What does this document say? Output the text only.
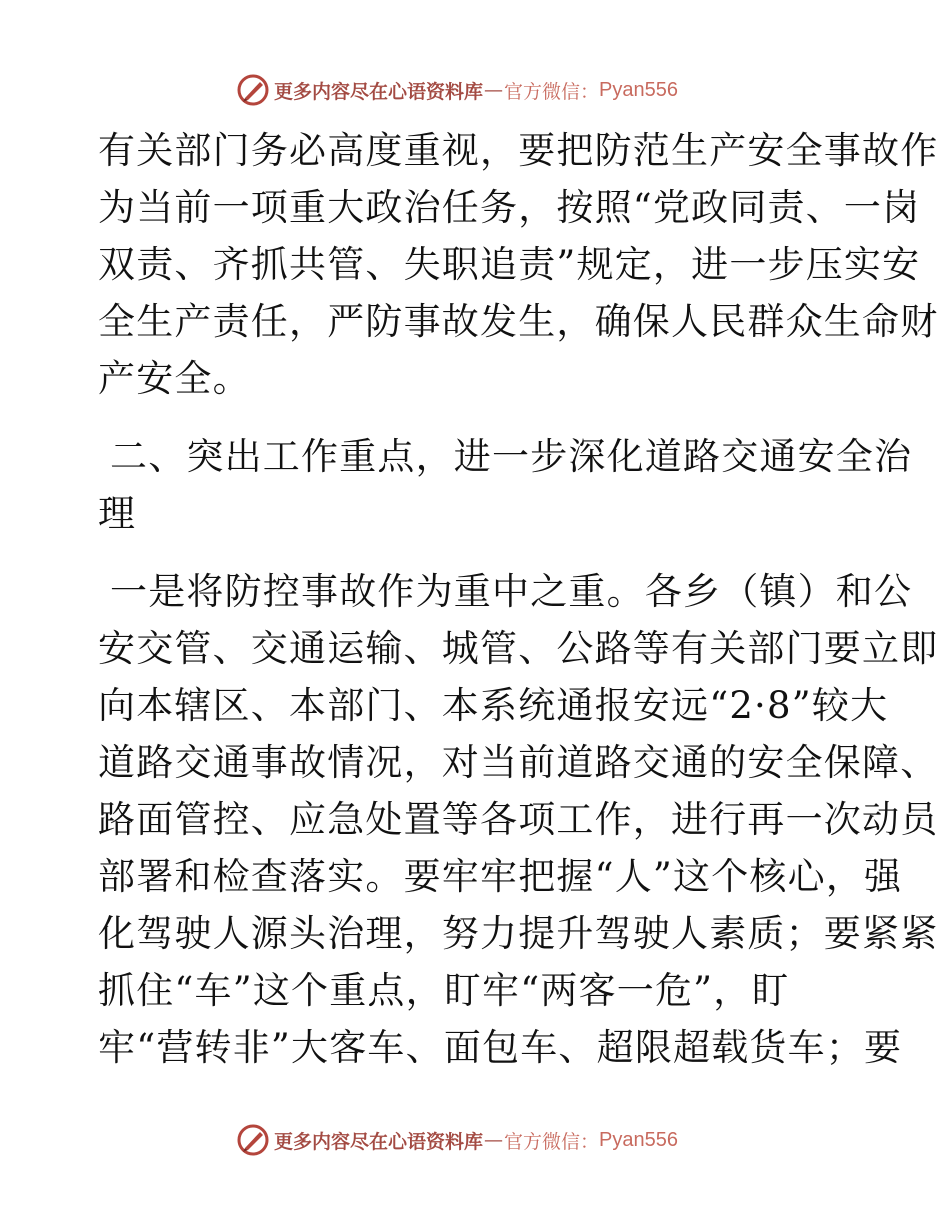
更多内容尽在心语资料库 — 官方微信： Pyan556
有关部门务必高度重视，要把防范生产安全事故作
为当前一项重大政治任务，按照“党政同责、一岗
双责、齐抓共管、失职追责”规定，进一步压实安
全生产责任，严防事故发生，确保人民群众生命财
产安全。
二、突出工作重点，进一步深化道路交通安全治
理
一是将防控事故作为重中之重。各乡（镇）和公
安交管、交通运输、城管、公路等有关部门要立即
向本辖区、本部门、本系统通报安远“2·8”较大
道路交通事故情况，对当前道路交通的安全保障、
路面管控、应急处置等各项工作，进行再一次动员
部署和检查落实。要牢牢把握“人”这个核心，强
化驾驶人源头治理，努力提升驾驶人素质；要紧紧
抓住“车”这个重点，盯牢“两客一危”，盯
牢“营转非”大客车、面包车、超限超载货车；要
更多内容尽在心语资料库 — 官方微信： Pyan556
